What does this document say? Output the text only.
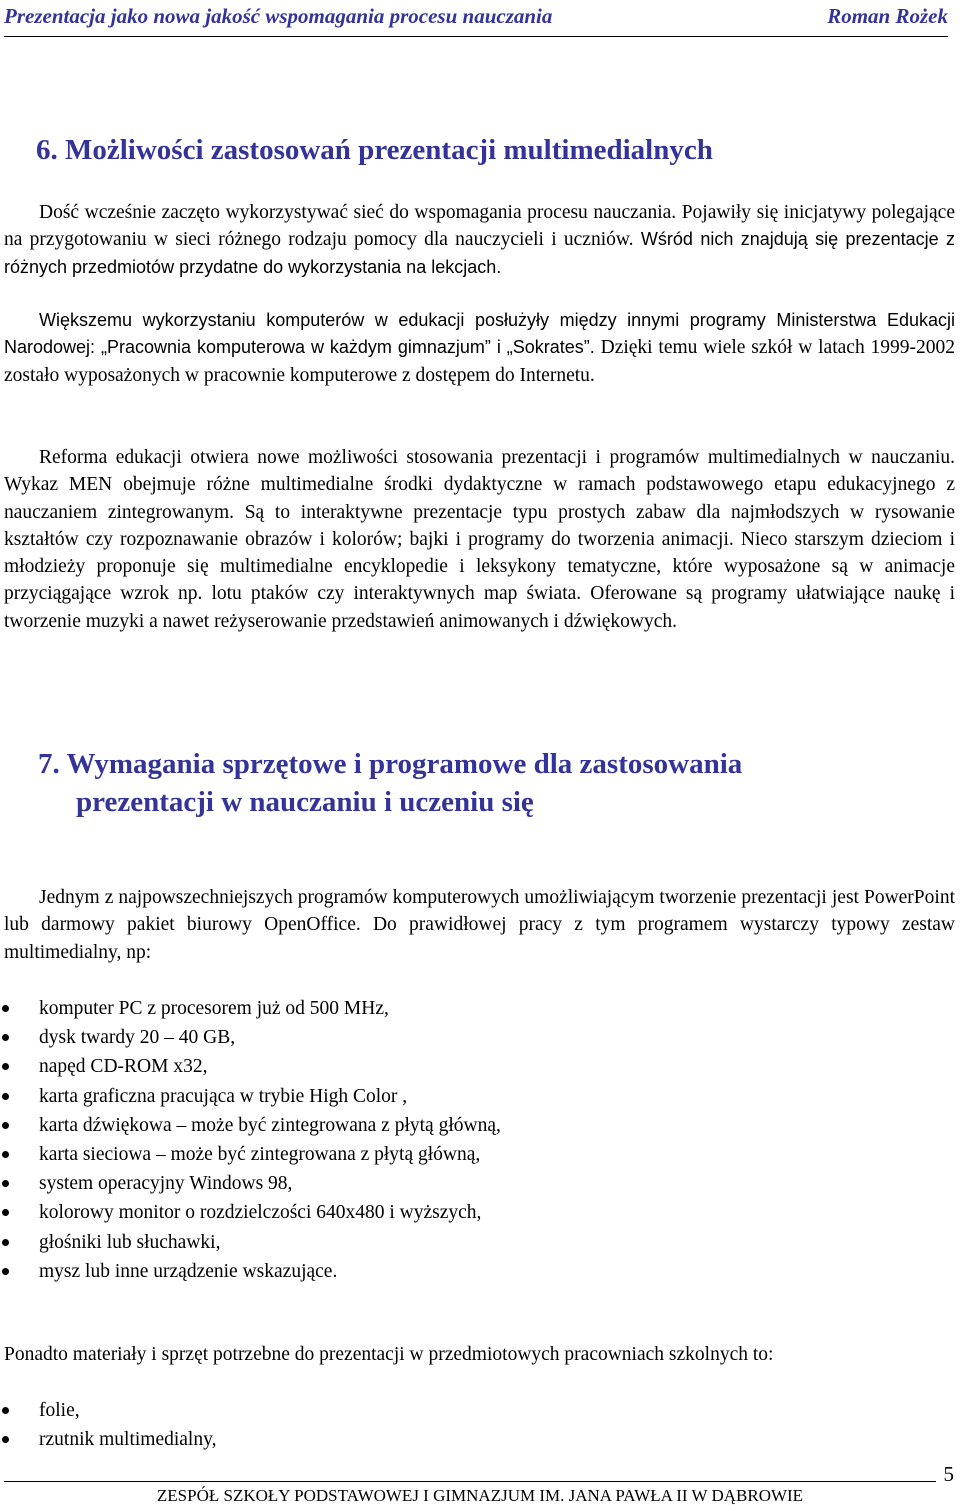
Prezentacja jako nowa jakość wspomagania procesu nauczania	Roman Rożek
6. Możliwości zastosowań prezentacji multimedialnych

Dość wcześnie zaczęto wykorzystywać sieć do wspomagania procesu nauczania. Pojawiły się inicjatywy polegające na przygotowaniu w sieci różnego rodzaju pomocy dla nauczycieli i uczniów. Wśród nich znajdują się prezentacje z różnych przedmiotów przydatne do wykorzystania na lekcjach.

Większemu wykorzystaniu komputerów w edukacji posłużyły między innymi programy Ministerstwa Edukacji Narodowej: „Pracownia komputerowa w każdym gimnazjum” i „Sokrates”. Dzięki temu wiele szkół w latach 1999-2002 zostało wyposażonych w pracownie komputerowe z dostępem do Internetu.

Reforma edukacji otwiera nowe możliwości stosowania prezentacji i programów multimedialnych w nauczaniu. Wykaz MEN obejmuje różne multimedialne środki dydaktyczne w ramach podstawowego etapu edukacyjnego z nauczaniem zintegrowanym. Są to interaktywne prezentacje typu prostych zabaw dla najmłodszych w rysowanie kształtów czy rozpoznawanie obrazów i kolorów; bajki i programy do tworzenia animacji. Nieco starszym dzieciom i młodzieży proponuje się multimedialne encyklopedie i leksykony tematyczne, które wyposażone są w animacje przyciągające wzrok np. lotu ptaków czy interaktywnych map świata. Oferowane są programy ułatwiające naukę i tworzenie muzyki a nawet reżyserowanie przedstawień animowanych i dźwiękowych.

7. Wymagania sprzętowe i programowe dla zastosowania
prezentacji w nauczaniu i uczeniu się

Jednym z najpowszechniejszych programów komputerowych umożliwiającym tworzenie prezentacji jest PowerPoint lub darmowy pakiet biurowy OpenOffice. Do prawidłowej pracy z tym programem wystarczy typowy zestaw multimedialny, np:

komputer PC z procesorem już od 500 MHz,
dysk twardy 20 – 40 GB,
napęd CD-ROM x32,
karta graficzna pracująca w trybie High Color ,
karta dźwiękowa – może być zintegrowana z płytą główną,
karta sieciowa – może być zintegrowana z płytą główną,
system operacyjny Windows 98,
kolorowy monitor o rozdzielczości 640x480 i wyższych,
głośniki lub słuchawki,
mysz lub inne urządzenie wskazujące.

Ponadto materiały i sprzęt potrzebne do prezentacji w przedmiotowych pracowniach szkolnych to:

folie,
rzutnik multimedialny,
5
ZESPÓŁ SZKOŁY PODSTAWOWEJ I GIMNAZJUM IM. JANA PAWŁA II W DĄBROWIE
